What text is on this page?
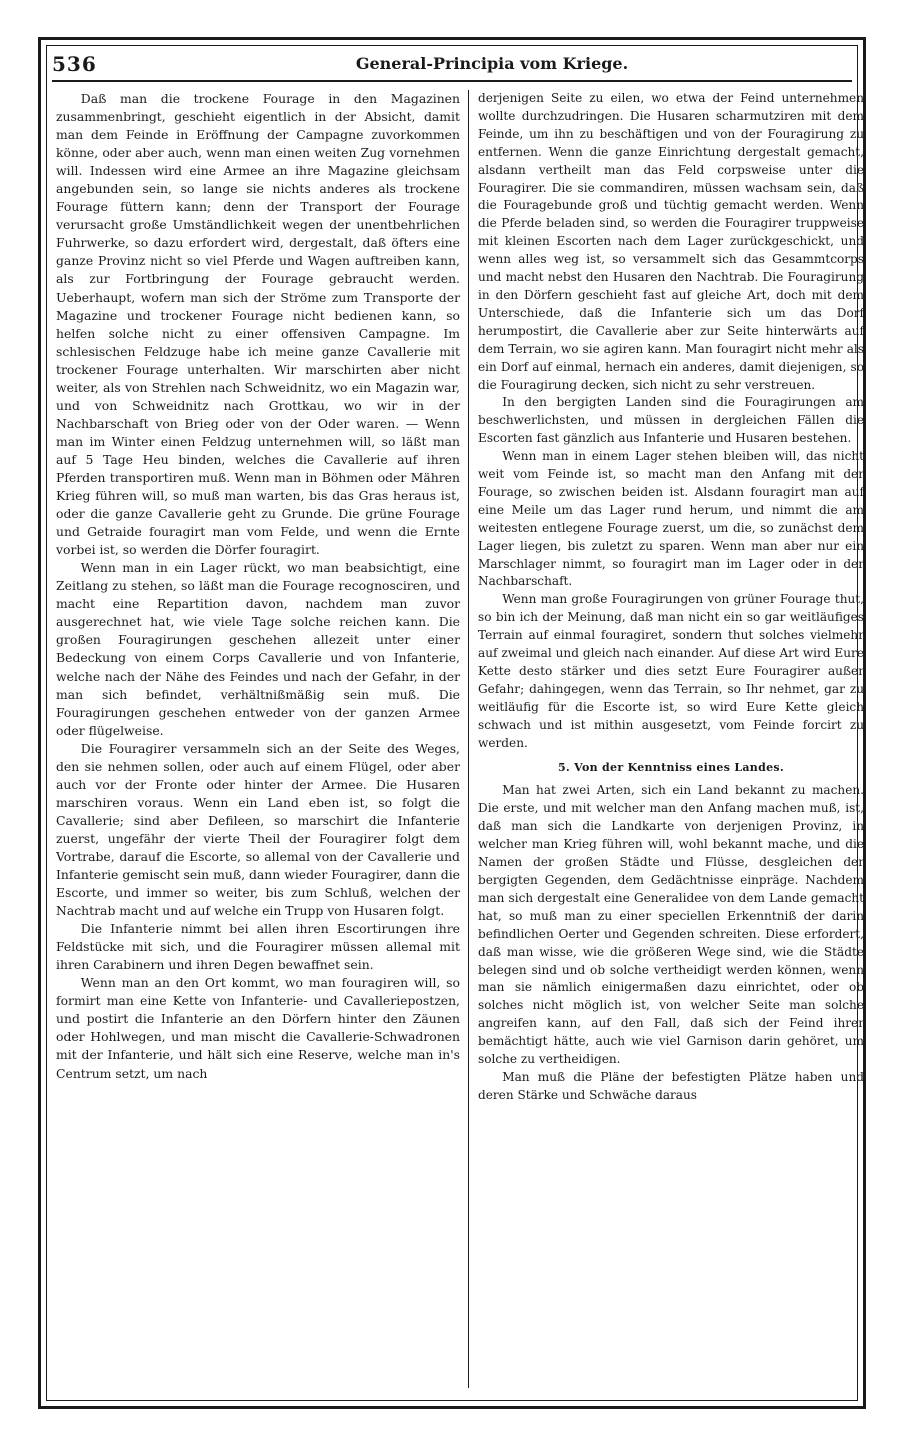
536	General-Principia vom Kriege.

Daß man die trockene Fourage in den Magazinen zusammenbringt, geschieht eigentlich in der Absicht, damit man dem Feinde in Eröffnung der Campagne zuvorkommen könne, oder aber auch, wenn man einen weiten Zug vornehmen will. Indessen wird eine Armee an ihre Magazine gleichsam angebunden sein, so lange sie nichts anderes als trockene Fourage füttern kann; denn der Transport der Fourage verursacht große Umständlichkeit wegen der unentbehrlichen Fuhrwerke, so dazu erfordert wird, dergestalt, daß öfters eine ganze Provinz nicht so viel Pferde und Wagen auftreiben kann, als zur Fortbringung der Fourage gebraucht werden. Ueberhaupt, wofern man sich der Ströme zum Transporte der Magazine und trockener Fourage nicht bedienen kann, so helfen solche nicht zu einer offensiven Campagne. Im schlesischen Feldzuge habe ich meine ganze Cavallerie mit trockener Fourage unterhalten. Wir marschirten aber nicht weiter, als von Strehlen nach Schweidnitz, wo ein Magazin war, und von Schweidnitz nach Grottkau, wo wir in der Nachbarschaft von Brieg oder von der Oder waren. — Wenn man im Winter einen Feldzug unternehmen will, so läßt man auf 5 Tage Heu binden, welches die Cavallerie auf ihren Pferden transportiren muß. Wenn man in Böhmen oder Mähren Krieg führen will, so muß man warten, bis das Gras heraus ist, oder die ganze Cavallerie geht zu Grunde. Die grüne Fourage und Getraide fouragirt man vom Felde, und wenn die Ernte vorbei ist, so werden die Dörfer fouragirt.

Wenn man in ein Lager rückt, wo man beabsichtigt, eine Zeitlang zu stehen, so läßt man die Fourage recognosciren, und macht eine Repartition davon, nachdem man zuvor ausgerechnet hat, wie viele Tage solche reichen kann. Die großen Fouragirungen geschehen allezeit unter einer Bedeckung von einem Corps Cavallerie und von Infanterie, welche nach der Nähe des Feindes und nach der Gefahr, in der man sich befindet, verhältnißmäßig sein muß. Die Fouragirungen geschehen entweder von der ganzen Armee oder flügelweise.

Die Fouragirer versammeln sich an der Seite des Weges, den sie nehmen sollen, oder auch auf einem Flügel, oder aber auch vor der Fronte oder hinter der Armee. Die Husaren marschiren voraus. Wenn ein Land eben ist, so folgt die Cavallerie; sind aber Defileen, so marschirt die Infanterie zuerst, ungefähr der vierte Theil der Fouragirer folgt dem Vortrabe, darauf die Escorte, so allemal von der Cavallerie und Infanterie gemischt sein muß, dann wieder Fouragirer, dann die Escorte, und immer so weiter, bis zum Schluß, welchen der Nachtrab macht und auf welche ein Trupp von Husaren folgt.

Die Infanterie nimmt bei allen ihren Escortirungen ihre Feldstücke mit sich, und die Fouragirer müssen allemal mit ihren Carabinern und ihren Degen bewaffnet sein.

Wenn man an den Ort kommt, wo man fouragiren will, so formirt man eine Kette von Infanterie- und Cavalleriepostzen, und postirt die Infanterie an den Dörfern hinter den Zäunen oder Hohlwegen, und man mischt die Cavallerie-Schwadronen mit der Infanterie, und hält sich eine Reserve, welche man in's Centrum setzt, um nach

derjenigen Seite zu eilen, wo etwa der Feind unternehmen wollte durchzudringen. Die Husaren scharmutziren mit dem Feinde, um ihn zu beschäftigen und von der Fouragirung zu entfernen. Wenn die ganze Einrichtung dergestalt gemacht, alsdann vertheilt man das Feld corpsweise unter die Fouragirer. Die sie commandiren, müssen wachsam sein, daß die Fouragebunde groß und tüchtig gemacht werden. Wenn die Pferde beladen sind, so werden die Fouragirer truppweise mit kleinen Escorten nach dem Lager zurückgeschickt, und wenn alles weg ist, so versammelt sich das Gesammtcorps und macht nebst den Husaren den Nachtrab. Die Fouragirung in den Dörfern geschieht fast auf gleiche Art, doch mit dem Unterschiede, daß die Infanterie sich um das Dorf herumpostirt, die Cavallerie aber zur Seite hinterwärts auf dem Terrain, wo sie agiren kann. Man fouragirt nicht mehr als ein Dorf auf einmal, hernach ein anderes, damit diejenigen, so die Fouragirung decken, sich nicht zu sehr verstreuen.

In den bergigten Landen sind die Fouragirungen am beschwerlichsten, und müssen in dergleichen Fällen die Escorten fast gänzlich aus Infanterie und Husaren bestehen.

Wenn man in einem Lager stehen bleiben will, das nicht weit vom Feinde ist, so macht man den Anfang mit der Fourage, so zwischen beiden ist. Alsdann fouragirt man auf eine Meile um das Lager rund herum, und nimmt die am weitesten entlegene Fourage zuerst, um die, so zunächst dem Lager liegen, bis zuletzt zu sparen. Wenn man aber nur ein Marschlager nimmt, so fouragirt man im Lager oder in der Nachbarschaft.

Wenn man große Fouragirungen von grüner Fourage thut, so bin ich der Meinung, daß man nicht ein so gar weitläufiges Terrain auf einmal fouragiret, sondern thut solches vielmehr auf zweimal und gleich nach einander. Auf diese Art wird Eure Kette desto stärker und dies setzt Eure Fouragirer außer Gefahr; dahingegen, wenn das Terrain, so Ihr nehmet, gar zu weitläufig für die Escorte ist, so wird Eure Kette gleich schwach und ist mithin ausgesetzt, vom Feinde forcirt zu werden.

5. Von der Kenntniss eines Landes.

Man hat zwei Arten, sich ein Land bekannt zu machen. Die erste, und mit welcher man den Anfang machen muß, ist, daß man sich die Landkarte von derjenigen Provinz, in welcher man Krieg führen will, wohl bekannt mache, und die Namen der großen Städte und Flüsse, desgleichen der bergigten Gegenden, dem Gedächtnisse einpräge. Nachdem man sich dergestalt eine Generalidee von dem Lande gemacht hat, so muß man zu einer speciellen Erkenntniß der darin befindlichen Oerter und Gegenden schreiten. Diese erfordert, daß man wisse, wie die größeren Wege sind, wie die Städte belegen sind und ob solche vertheidigt werden können, wenn man sie nämlich einigermaßen dazu einrichtet, oder ob solches nicht möglich ist, von welcher Seite man solche angreifen kann, auf den Fall, daß sich der Feind ihrer bemächtigt hätte, auch wie viel Garnison darin gehöret, um solche zu vertheidigen.

Man muß die Pläne der befestigten Plätze haben und deren Stärke und Schwäche daraus
